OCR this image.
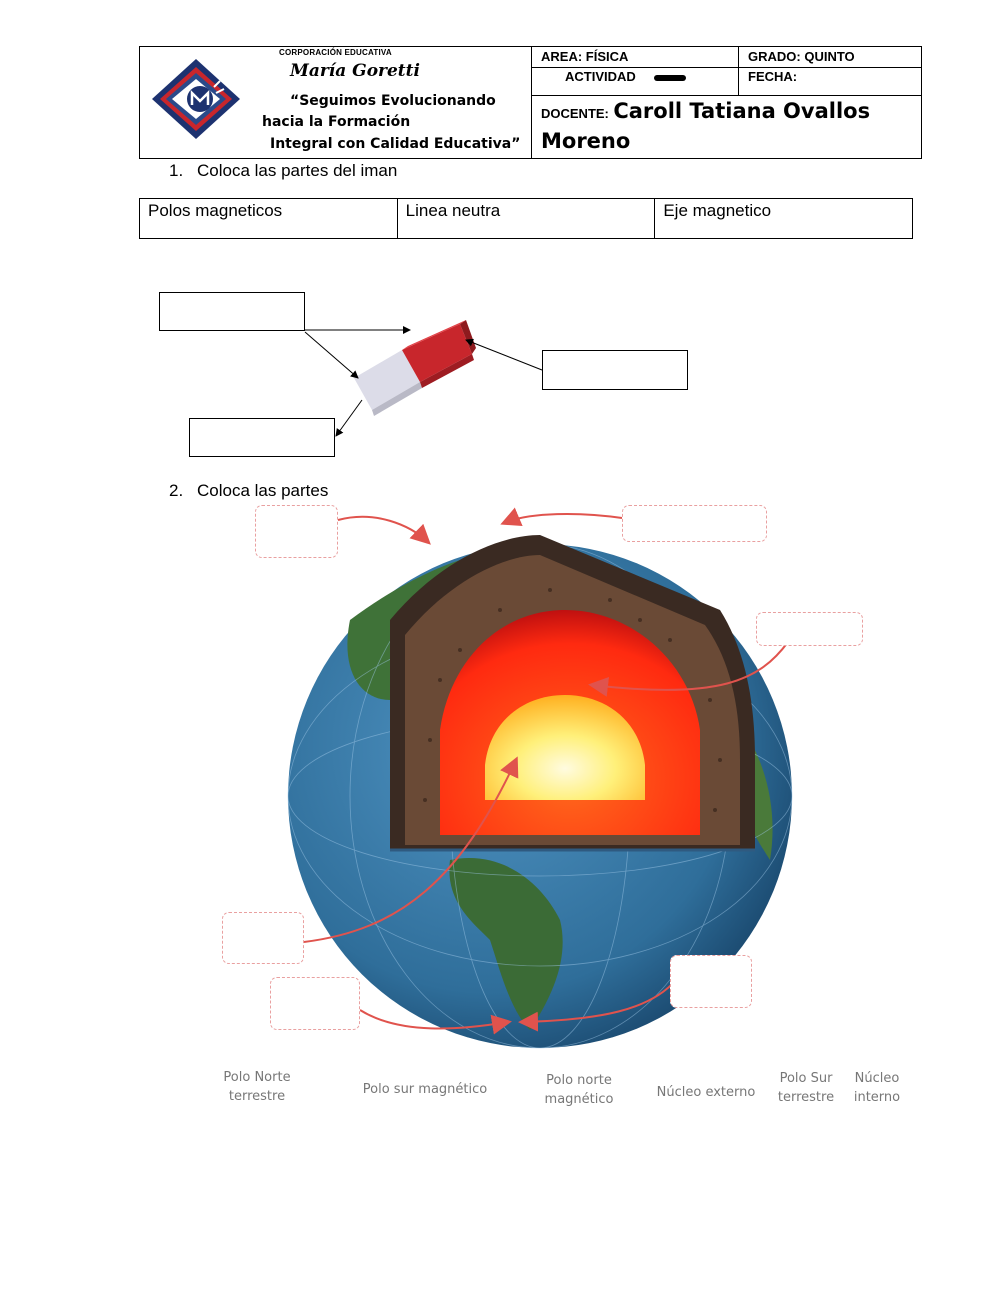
CORPORACIÓN EDUCATIVA
María Goretti
“Seguimos Evolucionando
hacia la Formación
Integral con Calidad Educativa”
AREA: FÍSICA	GRADO: QUINTO
ACTIVIDAD	FECHA:
DOCENTE: Caroll Tatiana Ovallos
Moreno
1. Coloca las partes del iman
Polos magneticos	Linea neutra	Eje magnetico
2. Coloca las partes
Polo Norte
terrestre	Polo sur magnético
Polo norte
magnético	Núcleo externo
Polo Sur
terrestre
Núcleo
interno
